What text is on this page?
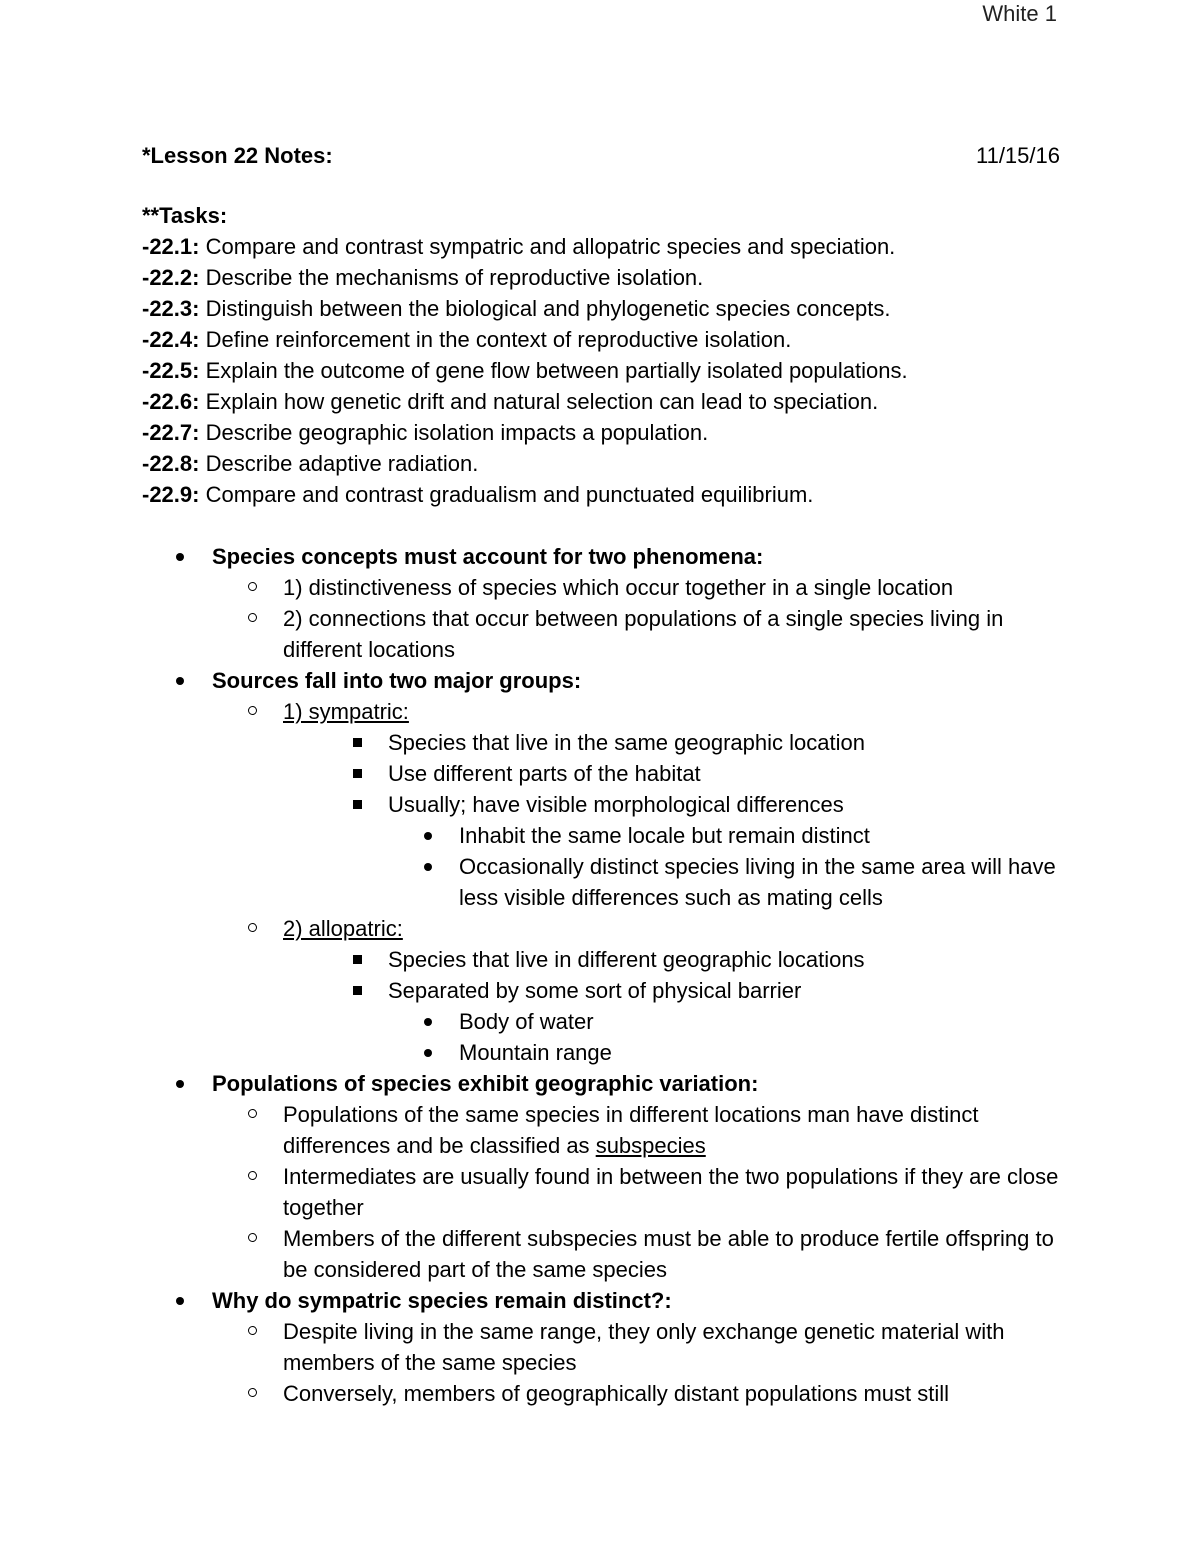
White 1
*Lesson 22 Notes:	11/15/16
**Tasks:
-22.1: Compare and contrast sympatric and allopatric species and speciation.
-22.2: Describe the mechanisms of reproductive isolation.
-22.3: Distinguish between the biological and phylogenetic species concepts.
-22.4: Define reinforcement in the context of reproductive isolation.
-22.5: Explain the outcome of gene flow between partially isolated populations.
-22.6: Explain how genetic drift and natural selection can lead to speciation.
-22.7: Describe geographic isolation impacts a population.
-22.8: Describe adaptive radiation.
-22.9: Compare and contrast gradualism and punctuated equilibrium.
Species concepts must account for two phenomena:
1) distinctiveness of species which occur together in a single location
2) connections that occur between populations of a single species living in different locations
Sources fall into two major groups:
1) sympatric:
Species that live in the same geographic location
Use different parts of the habitat
Usually; have visible morphological differences
Inhabit the same locale but remain distinct
Occasionally distinct species living in the same area will have less visible differences such as mating cells
2) allopatric:
Species that live in different geographic locations
Separated by some sort of physical barrier
Body of water
Mountain range
Populations of species exhibit geographic variation:
Populations of the same species in different locations man have distinct differences and be classified as subspecies
Intermediates are usually found in between the two populations if they are close together
Members of the different subspecies must be able to produce fertile offspring to be considered part of the same species
Why do sympatric species remain distinct?:
Despite living in the same range, they only exchange genetic material with members of the same species
Conversely, members of geographically distant populations must still
